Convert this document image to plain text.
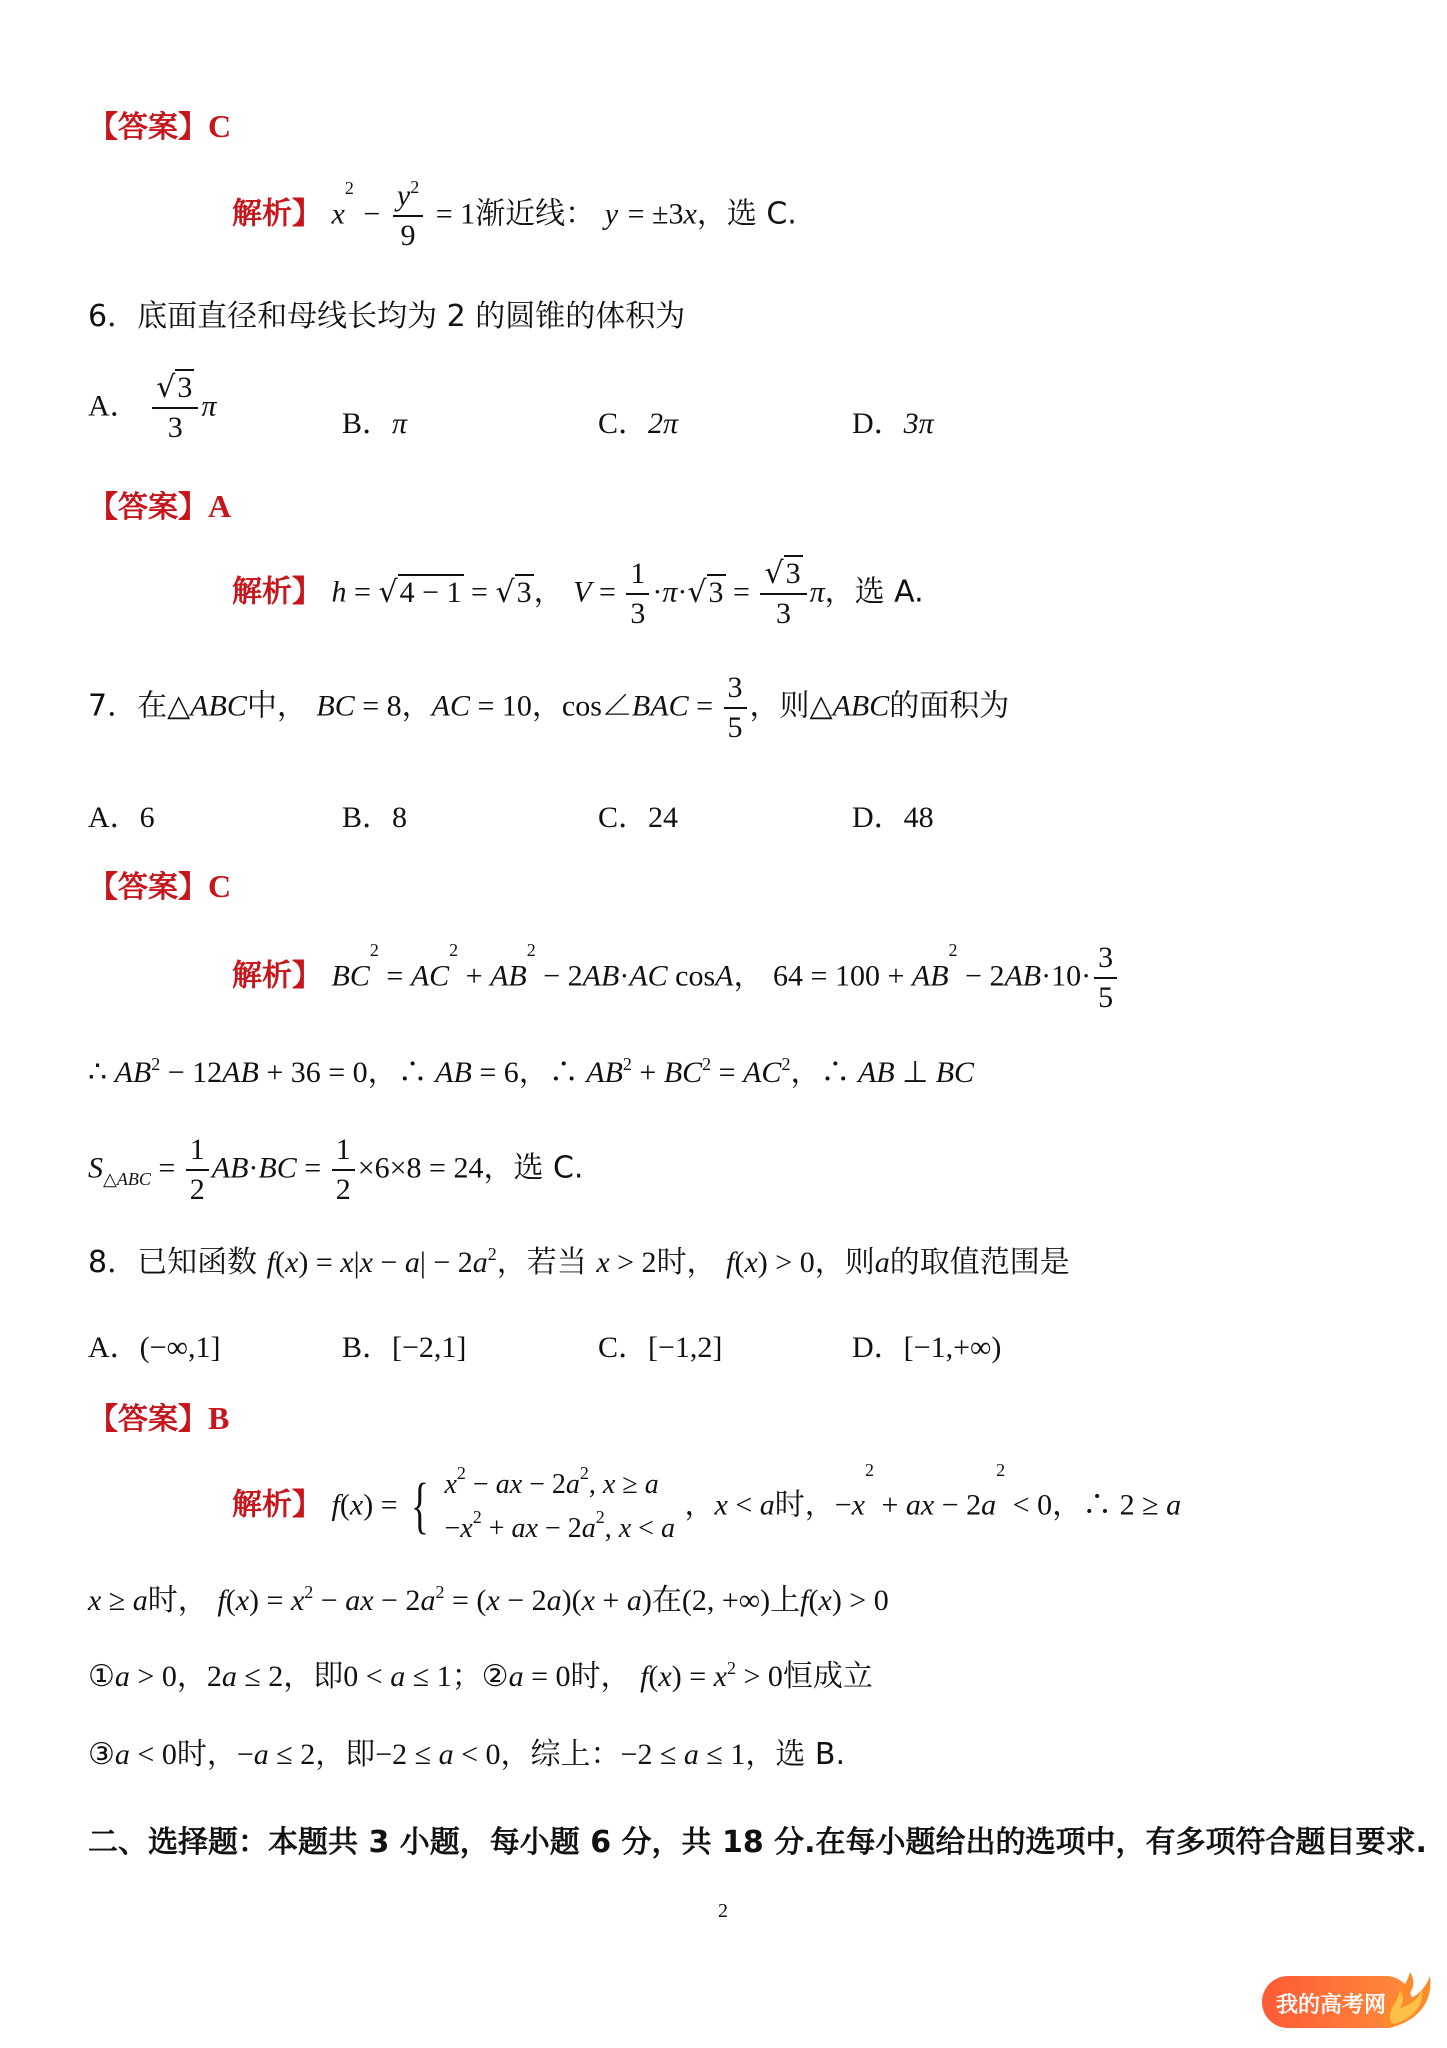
【答案】C
解析】 $x^2 - \frac{y^2}{9} = 1$渐近线： y = ±3x，选 C.
6．底面直径和母线长均为 2 的圆锥的体积为
A． $\frac{√3}{3}$ π
B．π	C．2π	D．3π
【答案】A
解析】 h = √4 − 1 = √3， $V = \frac{1}{3} \cdot\pi\cdot√3 = \frac{√3}{3}$ π，选 A.
7．在△ABC中， BC = 8，AC = 10，cos∠BAC = $\frac{3}{5}$ ，则△ABC的面积为
A．6	B．8	C．24	D．48
【答案】C
解析】 $BC^2 = AC^2 + AB^2 - 2AB\cdot AC$ cosA， $64 = 100 + AB^2 - 2AB\cdot 10\cdot \frac{3}{5}$
∴ $AB^2 - 12AB + 36 = 0$，∴ AB = 6，∴ $AB^2 + BC^2 = AC^2$，∴ AB ⊥ BC
$S_{\triangle ABC} = \frac{1}{2} AB\cdot BC = \frac{1}{2} \times 6\times 8 = 24$，选 C.
8．已知函数 $f(x) = x|x - a| - 2a^2$，若当 x > 2时， f(x) > 0，则a的取值范围是
A．(−∞,1]	B．[−2,1]	C．[−1,2]	D．[−1,+∞)
【答案】B
解析】 f(x) = { $x^2$ − ax − $2a^2$, x ≥ a
$-x^2$ + ax − $2a^2$, x < a
，x < a时，$-x^2$ + ax − $2a^2 < 0$，∴ 2 ≥ a
x ≥ a时， $f(x) = x^2$ − ax − $2a^2 = (x - 2a)(x + a)$在(2, +∞)上f(x) > 0
①a > 0，2a ≤ 2，即0 < a ≤ 1；②a = 0时， $f(x) = x^2 > 0$恒成立
③a < 0时，−a ≤ 2，即−2 ≤ a < 0，综上：−2 ≤ a ≤ 1，选 B.
二、选择题：本题共 3 小题，每小题 6 分，共 18 分.在每小题给出的选项中，有多项符合题目要求.
2
我的高考网
